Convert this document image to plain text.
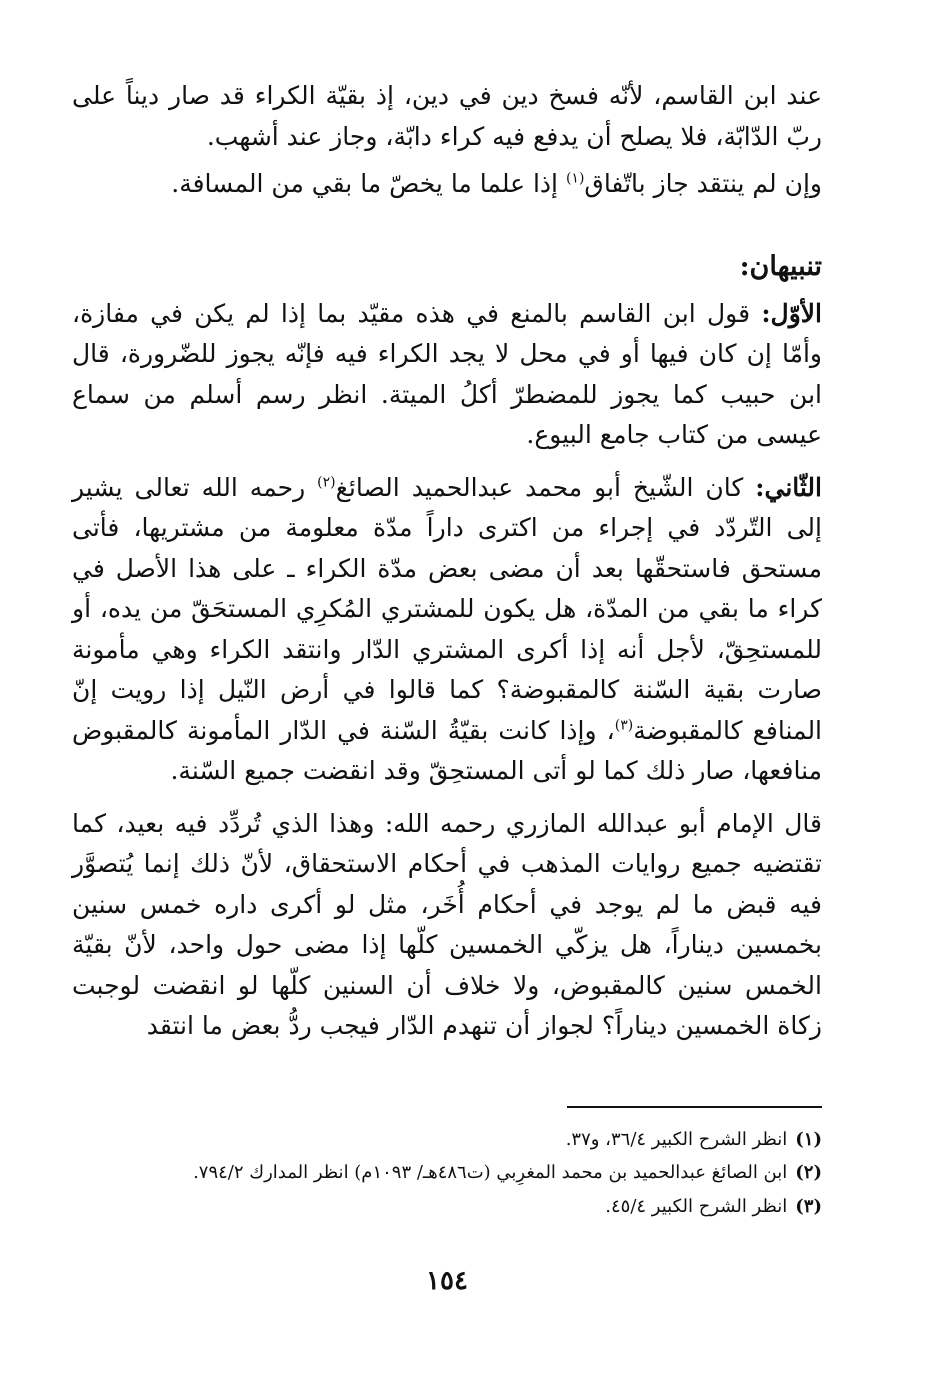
عند ابن القاسم، لأنّه فسخ دين في دين، إذ بقيّة الكراء قد صار ديناً على ربّ الدّابّة، فلا يصلح أن يدفع فيه كراء دابّة، وجاز عند أشهب.

وإن لم ينتقد جاز باتّفاق$^{(١)}$ إذا علما ما يخصّ ما بقي من المسافة.

تنبيهان:

الأوّل: قول ابن القاسم بالمنع في هذه مقيّد بما إذا لم يكن في مفازة، وأمّا إن كان فيها أو في محل لا يجد الكراء فيه فإنّه يجوز للضّرورة، قال ابن حبيب كما يجوز للمضطرّ أكلُ الميتة. انظر رسم أسلم من سماع عيسى من كتاب جامع البيوع.

الثّاني: كان الشّيخ أبو محمد عبدالحميد الصائغ$^{(٢)}$ رحمه الله تعالى يشير إلى التّردّد في إجراء من اكترى داراً مدّة معلومة من مشتريها، فأتى مستحق فاستحقّها بعد أن مضى بعض مدّة الكراء ـ على هذا الأصل في كراء ما بقي من المدّة، هل يكون للمشتري المُكرِي المستحَقّ من يده، أو للمستحِقّ، لأجل أنه إذا أكرى المشتري الدّار وانتقد الكراء وهي مأمونة صارت بقية السّنة كالمقبوضة؟ كما قالوا في أرض النّيل إذا رويت إنّ المنافع كالمقبوضة$^{(٣)}$، وإذا كانت بقيّةُ السّنة في الدّار المأمونة كالمقبوض منافعها، صار ذلك كما لو أتى المستحِقّ وقد انقضت جميع السّنة.

قال الإمام أبو عبدالله المازري رحمه الله: وهذا الذي تُردِّد فيه بعيد، كما تقتضيه جميع روايات المذهب في أحكام الاستحقاق، لأنّ ذلك إنما يُتصوَّر فيه قبض ما لم يوجد في أحكام أُخَر، مثل لو أكرى داره خمس سنين بخمسين ديناراً، هل يزكّي الخمسين كلّها إذا مضى حول واحد، لأنّ بقيّة الخمس سنين كالمقبوض، ولا خلاف أن السنين كلّها لو انقضت لوجبت زكاة الخمسين ديناراً؟ لجواز أن تنهدم الدّار فيجب ردُّ بعض ما انتقد

(١)انظر الشرح الكبير ٣٦/٤، و٣٧.
(٢)ابن الصائغ عبدالحميد بن محمد المغرِبي (ت٤٨٦هـ/ ١٠٩٣م) انظر المدارك ٧٩٤/٢.
(٣)انظر الشرح الكبير ٤٥/٤.
١٥٤
